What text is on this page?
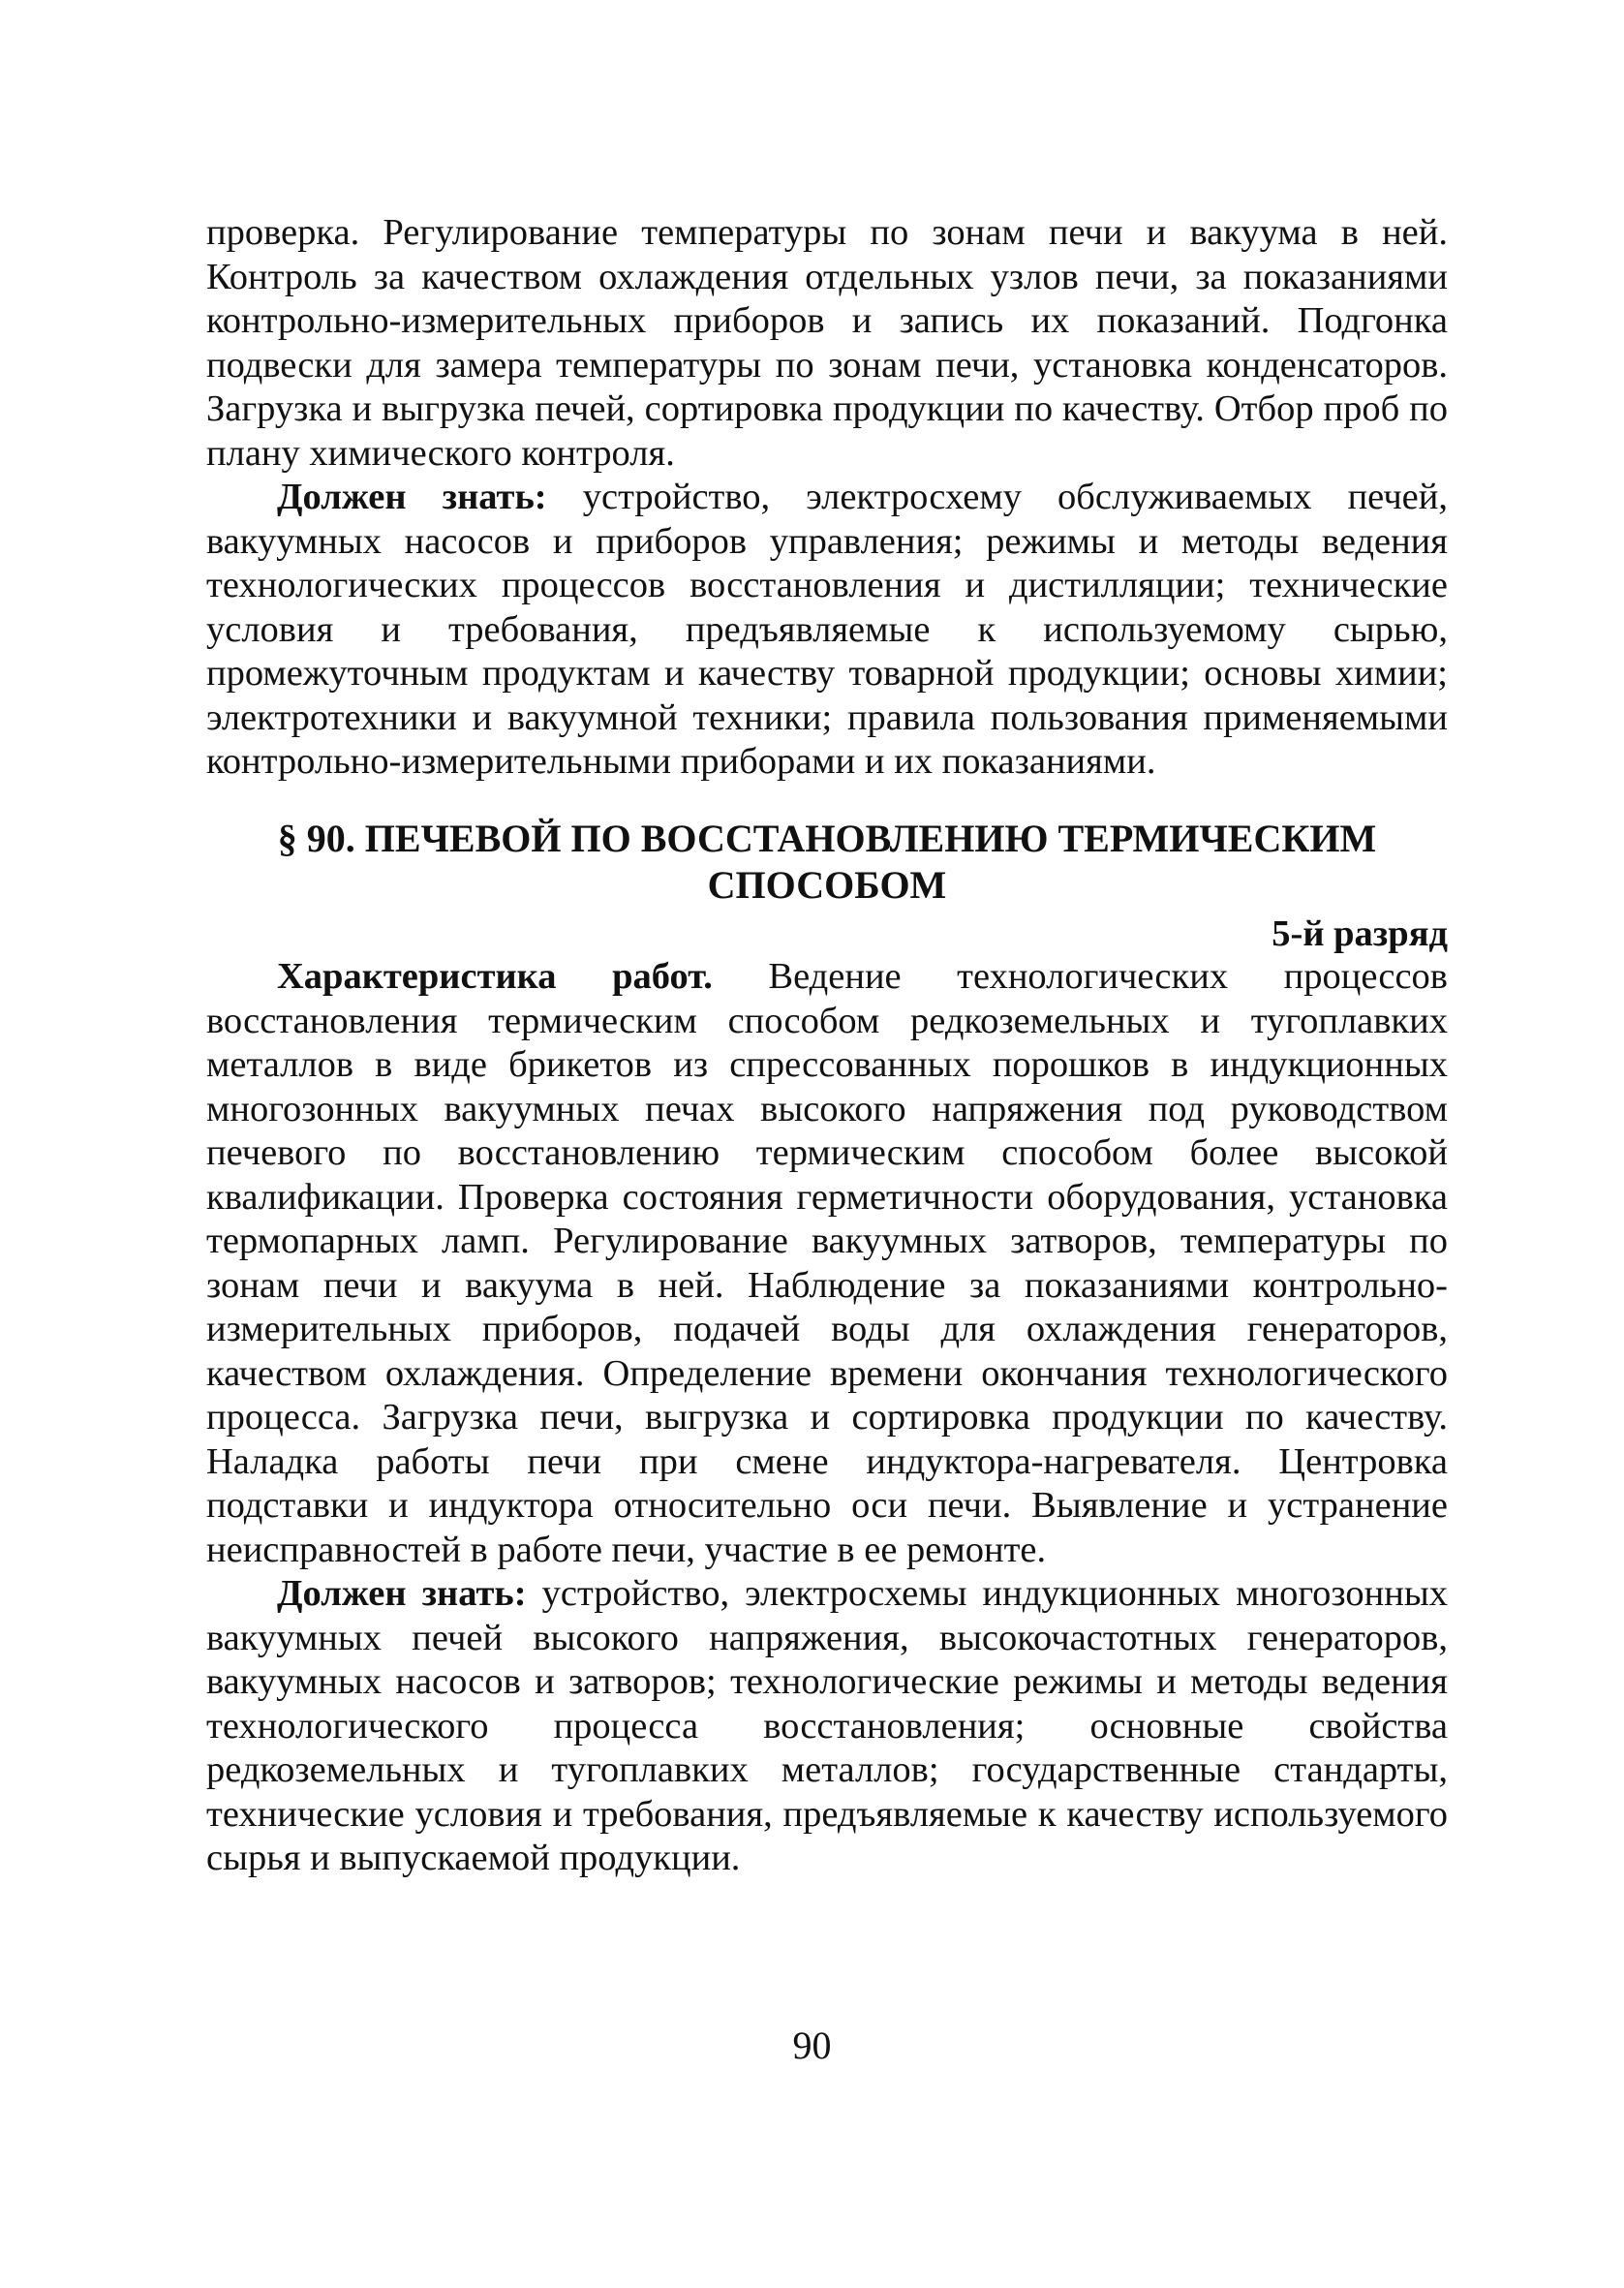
проверка. Регулирование температуры по зонам печи и вакуума в ней. Контроль за качеством охлаждения отдельных узлов печи, за показаниями контрольно-измерительных приборов и запись их показаний. Подгонка подвески для замера температуры по зонам печи, установка конденсаторов. Загрузка и выгрузка печей, сортировка продукции по качеству. Отбор проб по плану химического контроля.

Должен знать: устройство, электросхему обслуживаемых печей, вакуумных насосов и приборов управления; режимы и методы ведения технологических процессов восстановления и дистилляции; технические условия и требования, предъявляемые к используемому сырью, промежуточным продуктам и качеству товарной продукции; основы химии; электротехники и вакуумной техники; правила пользования применяемыми контрольно-измерительными приборами и их показаниями.

§ 90. ПЕЧЕВОЙ ПО ВОССТАНОВЛЕНИЮ ТЕРМИЧЕСКИМ
СПОСОБОМ
5-й разряд

Характеристика работ. Ведение технологических процессов восстановления термическим способом редкоземельных и тугоплавких металлов в виде брикетов из спрессованных порошков в индукционных многозонных вакуумных печах высокого напряжения под руководством печевого по восстановлению термическим способом более высокой квалификации. Проверка состояния герметичности оборудования, установка термопарных ламп. Регулирование вакуумных затворов, температуры по зонам печи и вакуума в ней. Наблюдение за показаниями контрольно-измерительных приборов, подачей воды для охлаждения генераторов, качеством охлаждения. Определение времени окончания технологического процесса. Загрузка печи, выгрузка и сортировка продукции по качеству. Наладка работы печи при смене индуктора-нагревателя. Центровка подставки и индуктора относительно оси печи. Выявление и устранение неисправностей в работе печи, участие в ее ремонте.

Должен знать: устройство, электросхемы индукционных многозонных вакуумных печей высокого напряжения, высокочастотных генераторов, вакуумных насосов и затворов; технологические режимы и методы ведения технологического процесса восстановления; основные свойства редкоземельных и тугоплавких металлов; государственные стандарты, технические условия и требования, предъявляемые к качеству используемого сырья и выпускаемой продукции.

90
